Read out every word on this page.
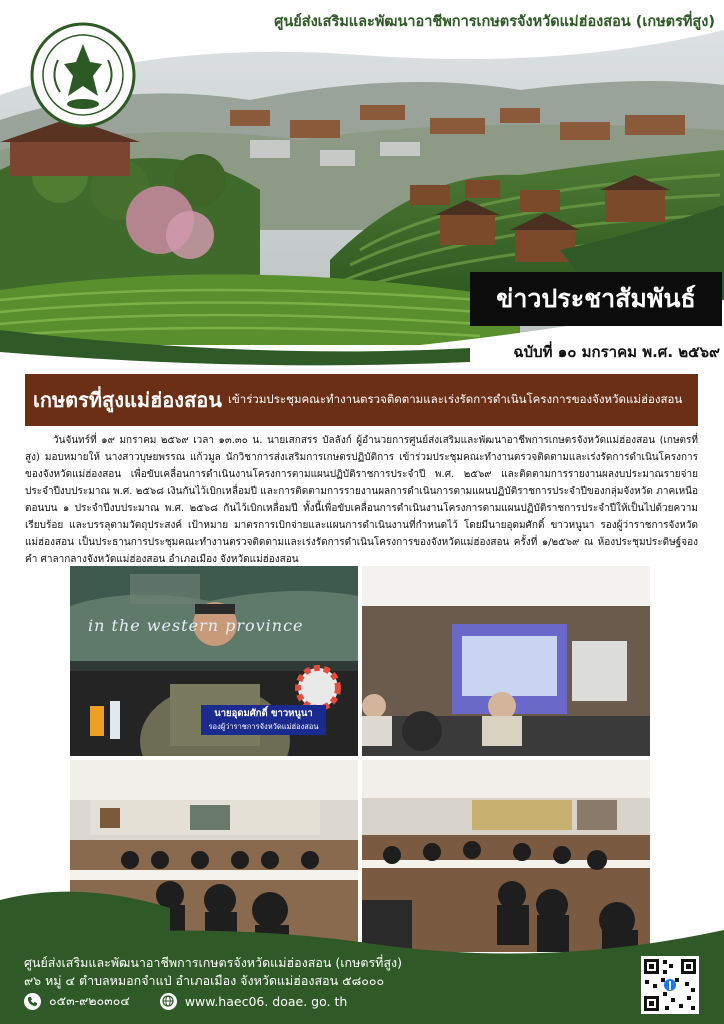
ศูนย์ส่งเสริมและพัฒนาอาชีพการเกษตรจังหวัดแม่ฮ่องสอน (เกษตรที่สูง)
ข่าวประชาสัมพันธ์
ฉบับที่ ๑๐ มกราคม พ.ศ. ๒๕๖๙
เกษตรที่สูงแม่ฮ่องสอน เข้าร่วมประชุมคณะทำงานตรวจติดตามและเร่งรัดการดำเนินโครงการของจังหวัดแม่ฮ่องสอน

วันจันทร์ที่ ๑๙ มกราคม ๒๕๖๙ เวลา ๑๓.๓๐ น. นายเสกสรร บัลลังก์ ผู้อำนวยการศูนย์ส่งเสริมและพัฒนาอาชีพการเกษตรจังหวัดแม่ฮ่องสอน (เกษตรที่สูง) มอบหมายให้ นางสาวบุษยพรรณ แก้วมูล นักวิชาการส่งเสริมการเกษตรปฏิบัติการ เข้าร่วมประชุมคณะทำงานตรวจติดตามและเร่งรัดการดำเนินโครงการของจังหวัดแม่ฮ่องสอน เพื่อขับเคลื่อนการดำเนินงานโครงการตามแผนปฏิบัติราชการประจำปี พ.ศ. ๒๕๖๙ และติดตามการรายงานผลงบประมาณรายจ่าย ประจำปีงบประมาณ พ.ศ. ๒๕๖๘ เงินกันไว้เบิกเหลื่อมปี และการติดตามการรายงานผลการดำเนินการตามแผนปฏิบัติราชการประจำปีของกลุ่มจังหวัด ภาคเหนือตอนบน ๑ ประจำปีงบประมาณ พ.ศ. ๒๕๖๘ กันไว้เบิกเหลื่อมปี ทั้งนี้เพื่อขับเคลื่อนการดำเนินงานโครงการตามแผนปฏิบัติราชการประจำปีให้เป็นไปด้วยความเรียบร้อย และบรรลุตามวัตถุประสงค์ เป้าหมาย มาตรการเบิกจ่ายและแผนการดำเนินงานที่กำหนดไว้ โดยมีนายอุดมศักดิ์ ขาวหนูนา รองผู้ว่าราชการจังหวัดแม่ฮ่องสอน เป็นประธานการประชุมคณะทำงานตรวจติดตามและเร่งรัดการดำเนินโครงการของจังหวัดแม่ฮ่องสอน ครั้งที่ ๑/๒๕๖๙ ณ ห้องประชุมประดิษฐ์จองคำ ศาลากลางจังหวัดแม่ฮ่องสอน อำเภอเมือง จังหวัดแม่ฮ่องสอน

in the western province
นายอุดมศักดิ์ ขาวหนูนา
รองผู้ว่าราชการจังหวัดแม่ฮ่องสอน
ศูนย์ส่งเสริมและพัฒนาอาชีพการเกษตรจังหวัดแม่ฮ่องสอน (เกษตรที่สูง)
๙๖ หมู่ ๔ ตำบลหมอกจำแป่ อำเภอเมือง จังหวัดแม่ฮ่องสอน ๕๘๐๐๐
๐๕๓-๙๒๐๓๐๔	www.haec06. doae. go. th
